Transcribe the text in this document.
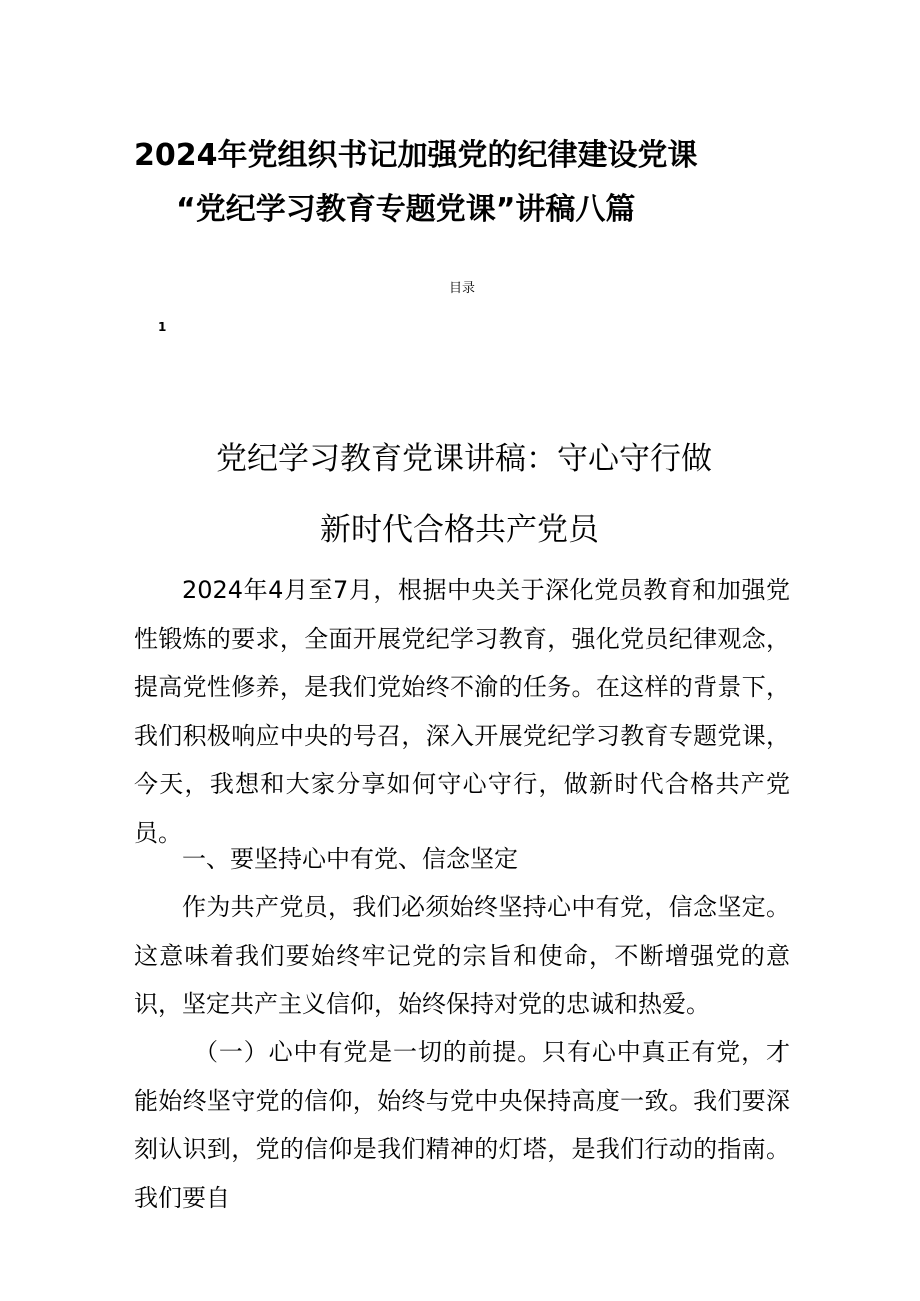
2024年党组织书记加强党的纪律建设党课
“党纪学习教育专题党课”讲稿八篇
目录
1
党纪学习教育党课讲稿：守心守行做
新时代合格共产党员
2024年4月至7月，根据中央关于深化党员教育和加强党性锻炼的要求，全面开展党纪学习教育，强化党员纪律观念，提高党性修养，是我们党始终不渝的任务。在这样的背景下，我们积极响应中央的号召，深入开展党纪学习教育专题党课，今天，我想和大家分享如何守心守行，做新时代合格共产党员。
一、要坚持心中有党、信念坚定
作为共产党员，我们必须始终坚持心中有党，信念坚定。这意味着我们要始终牢记党的宗旨和使命，不断增强党的意识，坚定共产主义信仰，始终保持对党的忠诚和热爱。
（一）心中有党是一切的前提。只有心中真正有党，才能始终坚守党的信仰，始终与党中央保持高度一致。我们要深刻认识到，党的信仰是我们精神的灯塔，是我们行动的指南。我们要自
